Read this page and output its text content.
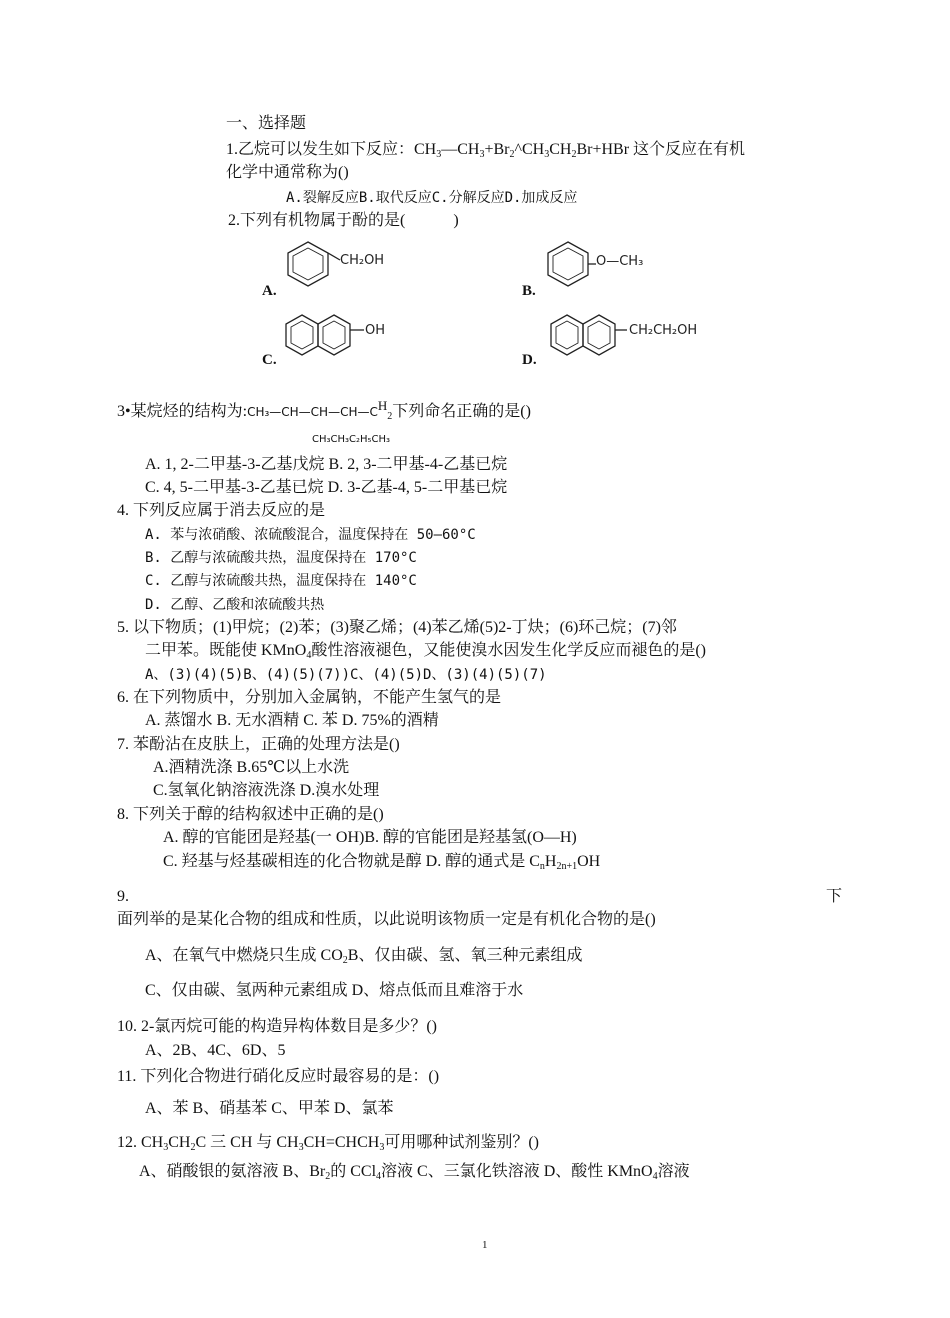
一、选择题
1.乙烷可以发生如下反应：$CH_3—CH_3+Br_2\^{}CH_3CH_2Br+HBr$ 这个反应在有机
化学中通常称为()
A.裂解反应B.取代反应C.分解反应D.加成反应
2.下列有机物属于酚的是(　　　)
CH₂OH
A.
O—CH₃
B.
OH
C.
CH₂CH₂OH
D.
3•某烷烃的结构为$:CH_3—CH—CH—CH—C^H_2$下列命名正确的是()
CH₃CH₃C₂H₅CH₃
A. 1, 2-二甲基-3-乙基戊烷 B. 2, 3-二甲基-4-乙基已烷
C. 4, 5-二甲基-3-乙基已烷 D. 3-乙基-4, 5-二甲基已烷
4. 下列反应属于消去反应的是
A. 苯与浓硝酸、浓硫酸混合，温度保持在 50—60°C
B. 乙醇与浓硫酸共热，温度保持在 170°C
C. 乙醇与浓硫酸共热，温度保持在 140°C
D. 乙醇、乙酸和浓硫酸共热
5. 以下物质；(1)甲烷；(2)苯；(3)聚乙烯；(4)苯乙烯(5)2-丁炔；(6)环己烷；(7)邻
二甲苯。既能使 KMnO$_4$酸性溶液褪色，又能使溴水因发生化学反应而褪色的是()
A、(3)(4)(5)B、(4)(5)(7))C、(4)(5)D、(3)(4)(5)(7)
6. 在下列物质中，分别加入金属钠，不能产生氢气的是
A. 蒸馏水 B. 无水酒精 C. 苯 D. 75%的酒精
7. 苯酚沾在皮肤上，正确的处理方法是()
A.酒精洗涤 B.65℃以上水洗
C.氢氧化钠溶液洗涤 D.溴水处理
8. 下列关于醇的结构叙述中正确的是()
A. 醇的官能团是羟基(一 OH)B. 醇的官能团是羟基氢(O—H)
C. 羟基与烃基碳相连的化合物就是醇 D. 醇的通式是 $C_nH_{2n+1}OH$
9.	下
面列举的是某化合物的组成和性质，以此说明该物质一定是有机化合物的是()
A、在氧气中燃烧只生成 $CO_2B$、仅由碳、氢、氧三种元素组成
C、仅由碳、氢两种元素组成 D、熔点低而且难溶于水
10. 2-氯丙烷可能的构造异构体数目是多少？()
A、2B、4C、6D、5
11. 下列化合物进行硝化反应时最容易的是：()
A、苯 B、硝基苯 C、甲苯 D、氯苯
12. $CH_3CH_2C$ 三 CH 与 $CH_3CH=CHCH_3$可用哪种试剂鉴别？()
A、硝酸银的氨溶液 B、$Br_2$的 CCl$_4$溶液 C、三氯化铁溶液 D、酸性 KMnO$_4$溶液
1
